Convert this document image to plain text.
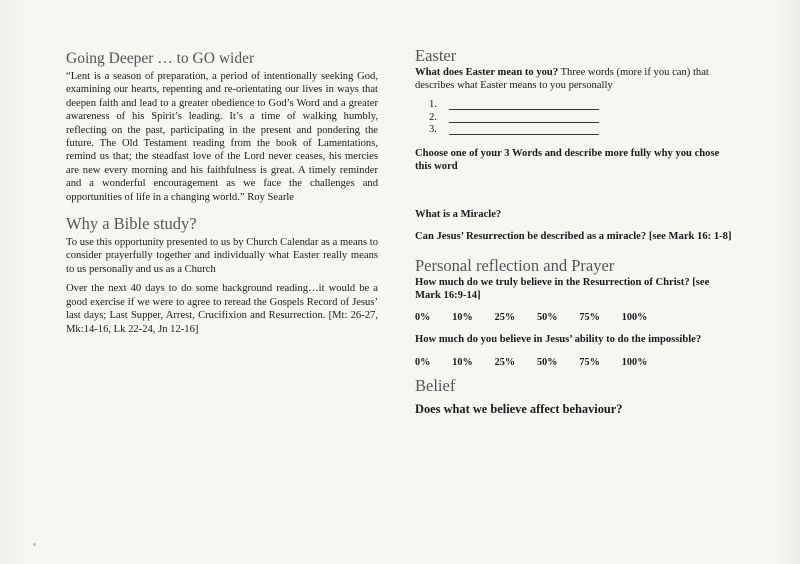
Going Deeper … to GO wider

“Lent is a season of preparation, a period of intentionally seeking God, examining our hearts, repenting and re-orientating our lives in ways that deepen faith and lead to a greater obedience to God’s Word and a greater awareness of his Spirit’s leading. It’s a time of walking humbly, reflecting on the past, participating in the present and pondering the future. The Old Testament reading from the book of Lamentations, remind us that; the steadfast love of the Lord never ceases, his mercies are new every morning and his faithfulness is great. A timely reminder and a wonderful encouragement as we face the challenges and opportunities of life in a changing world.” Roy Searle

Why a Bible study?

To use this opportunity presented to us by Church Calendar as a means to consider prayerfully together and individually what Easter really means to us personally and us as a Church

Over the next 40 days to do some background reading…it would be a good exercise if we were to agree to reread the Gospels Record of Jesus’ last days; Last Supper, Arrest, Crucifixion and Resurrection. [Mt: 26-27, Mk:14-16, Lk 22-24, Jn 12-16]

Easter

What does Easter mean to you? Three words (more if you can) that describes what Easter means to you personally

1.
2.
3.

Choose one of your 3 Words and describe more fully why you chose this word

What is a Miracle?

Can Jesus’ Resurrection be described as a miracle? [see Mark 16: 1-8]

Personal reflection and Prayer

How much do we truly believe in the Resurrection of Christ? [see Mark 16:9-14]

0% 10% 25% 50% 75% 100%

How much do you believe in Jesus’ ability to do the impossible?

0% 10% 25% 50% 75% 100%
Belief

Does what we believe affect behaviour?
